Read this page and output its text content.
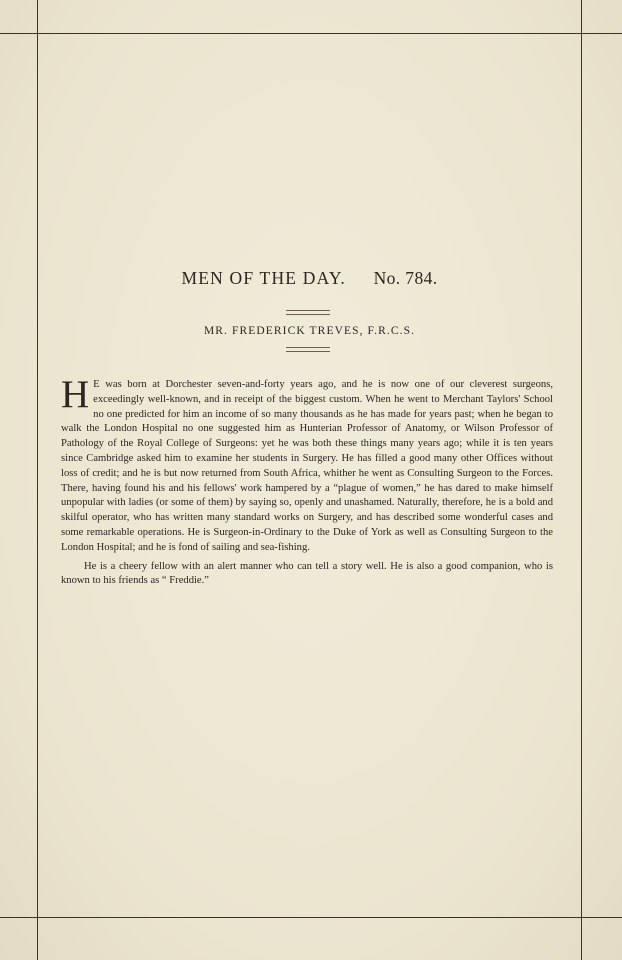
MEN OF THE DAY. No. 784.
MR. FREDERICK TREVES, F.R.C.S.

H E was born at Dorchester seven-and-forty years ago, and he is now one of our cleverest surgeons, exceedingly well-known, and in receipt of the biggest custom. When he went to Merchant Taylors' School no one predicted for him an income of so many thousands as he has made for years past; when he began to walk the London Hospital no one suggested him as Hunterian Professor of Anatomy, or Wilson Professor of Pathology of the Royal College of Surgeons: yet he was both these things many years ago; while it is ten years since Cambridge asked him to examine her students in Surgery. He has filled a good many other Offices without loss of credit; and he is but now returned from South Africa, whither he went as Consulting Surgeon to the Forces. There, having found his and his fellows' work hampered by a “plague of women,” he has dared to make himself unpopular with ladies (or some of them) by saying so, openly and unashamed. Naturally, therefore, he is a bold and skilful operator, who has written many standard works on Surgery, and has described some wonderful cases and some remarkable operations. He is Surgeon-in-Ordinary to the Duke of York as well as Consulting Surgeon to the London Hospital; and he is fond of sailing and sea-fishing.

He is a cheery fellow with an alert manner who can tell a story well. He is also a good companion, who is known to his friends as “ Freddie.”
